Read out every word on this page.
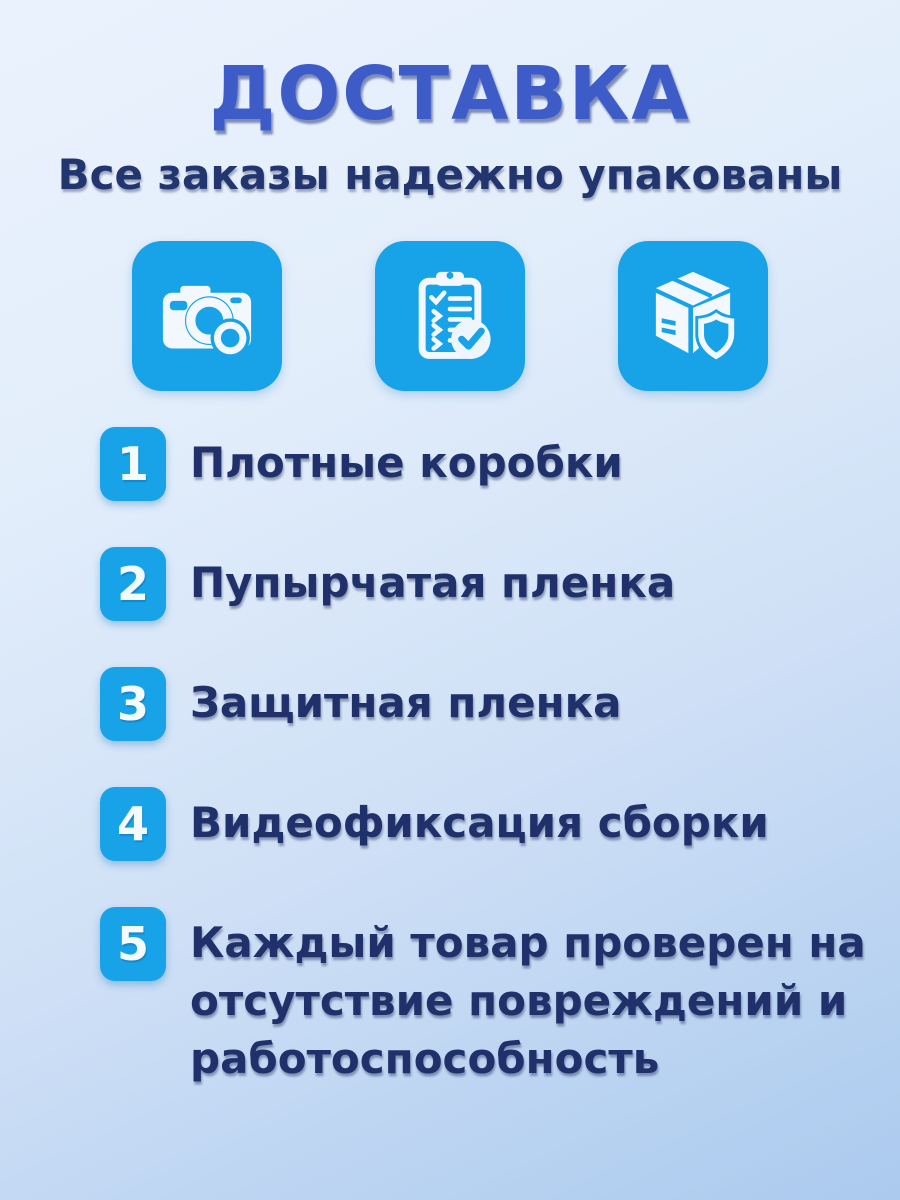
ДОСТАВКА
Все заказы надежно упакованы
1 Плотные коробки
2 Пупырчатая пленка
3 Защитная пленка
4 Видеофиксация сборки
5 Каждый товар проверен на отсутствие повреждений и работоспособность
